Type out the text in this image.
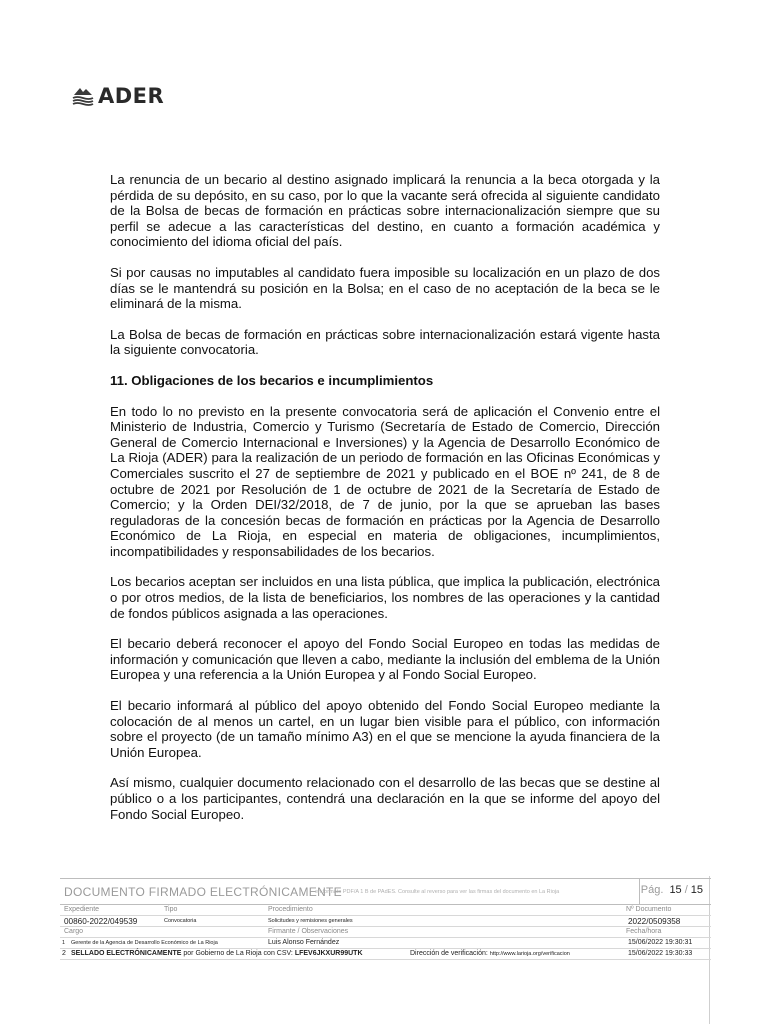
ADER

La renuncia de un becario al destino asignado implicará la renuncia a la beca otorgada y la pérdida de su depósito, en su caso, por lo que la vacante será ofrecida al siguiente candidato de la Bolsa de becas de formación en prácticas sobre internacionalización siempre que su perfil se adecue a las características del destino, en cuanto a formación académica y conocimiento del idioma oficial del país.

Si por causas no imputables al candidato fuera imposible su localización en un plazo de dos días se le mantendrá su posición en la Bolsa; en el caso de no aceptación de la beca se le eliminará de la misma.

La Bolsa de becas de formación en prácticas sobre internacionalización estará vigente hasta la siguiente convocatoria.

11. Obligaciones de los becarios e incumplimientos

En todo lo no previsto en la presente convocatoria será de aplicación el Convenio entre el Ministerio de Industria, Comercio y Turismo (Secretaría de Estado de Comercio, Dirección General de Comercio Internacional e Inversiones) y la Agencia de Desarrollo Económico de La Rioja (ADER) para la realización de un periodo de formación en las Oficinas Económicas y Comerciales suscrito el 27 de septiembre de 2021 y publicado en el BOE nº 241, de 8 de octubre de 2021 por Resolución de 1 de octubre de 2021 de la Secretaría de Estado de Comercio; y la Orden DEI/32/2018, de 7 de junio, por la que se aprueban las bases reguladoras de la concesión becas de formación en prácticas por la Agencia de Desarrollo Económico de La Rioja, en especial en materia de obligaciones, incumplimientos, incompatibilidades y responsabilidades de los becarios.

Los becarios aceptan ser incluidos en una lista pública, que implica la publicación, electrónica o por otros medios, de la lista de beneficiarios, los nombres de las operaciones y la cantidad de fondos públicos asignada a las operaciones.

El becario deberá reconocer el apoyo del Fondo Social Europeo en todas las medidas de información y comunicación que lleven a cabo, mediante la inclusión del emblema de la Unión Europea y una referencia a la Unión Europea y al Fondo Social Europeo.

El becario informará al público del apoyo obtenido del Fondo Social Europeo mediante la colocación de al menos un cartel, en un lugar bien visible para el público, con información sobre el proyecto (de un tamaño mínimo A3) en el que se mencione la ayuda financiera de la Unión Europea.

Así mismo, cualquier documento relacionado con el desarrollo de las becas que se destine al público o a los participantes, contendrá una declaración en la que se informe del apoyo del Fondo Social Europeo.

DOCUMENTO FIRMADO ELECTRÓNICAMENTE
en formato PDF/A 1 B de PAdES. Consulte al reverso para ver las firmas del documento en La Rioja	Pág. 15 / 15
Expediente	Tipo	Procedimiento	Nº Documento
00860-2022/049539	Convocatoria	Solicitudes y remisiones generales	2022/0509358
Cargo	Firmante / Observaciones	Fecha/hora
1 Gerente de la Agencia de Desarrollo Económico de La Rioja	Luis Alonso Fernández	15/06/2022 19:30:31
2 SELLADO ELECTRÓNICAMENTE por Gobierno de La Rioja con CSV: LFEV6JKXUR99UTK	Dirección de verificación: http://www.larioja.org/verificacion	15/06/2022 19:30:33
